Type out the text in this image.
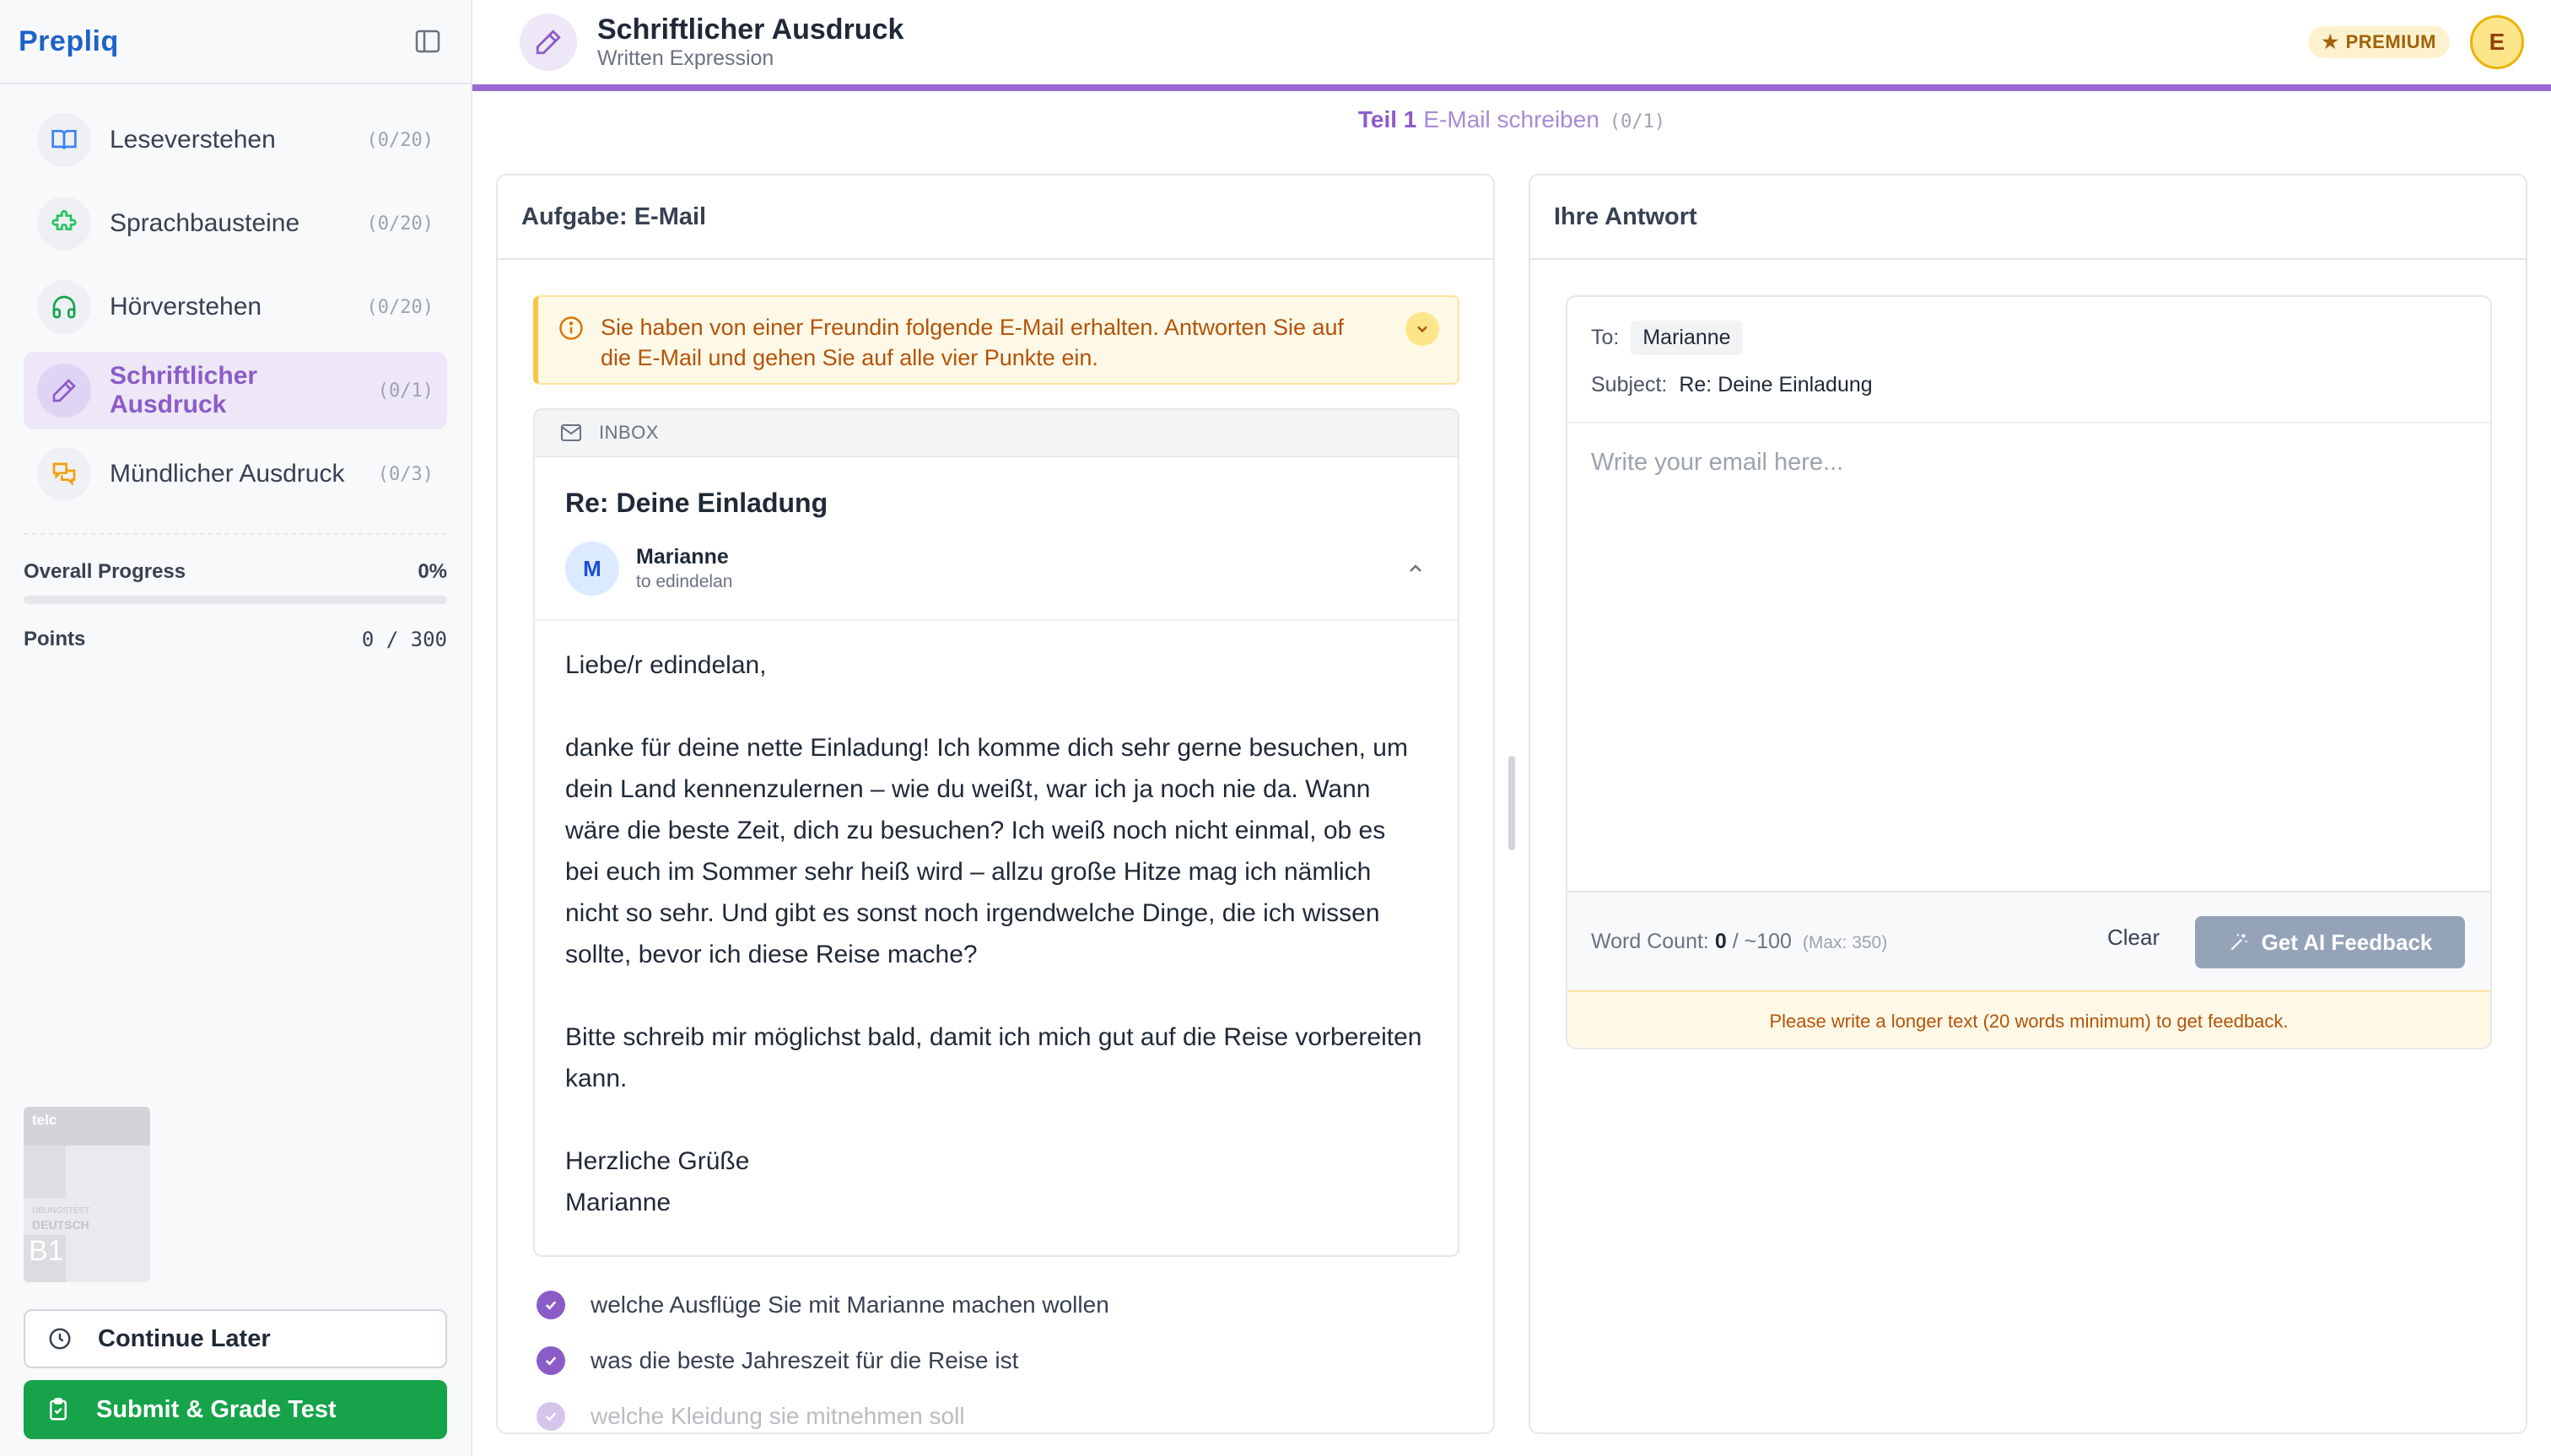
Prepliq
Leseverstehen	(0/20)
Sprachbausteine	(0/20)
Hörverstehen	(0/20)
Schriftlicher Ausdruck	(0/1)
Mündlicher Ausdruck	(0/3)
Overall Progress	0%
Points	0 / 300
telc
ÜBUNGSTEST
DEUTSCH
B1
Continue Later
Submit & Grade Test
Schriftlicher Ausdruck
Written Expression
★ PREMIUM	E
Teil 1 E-Mail schreiben (0/1)
Aufgabe: E-Mail
Sie haben von einer Freundin folgende E-Mail erhalten. Antworten Sie auf die E-Mail und gehen Sie auf alle vier Punkte ein.
INBOX
Re: Deine Einladung
M	Marianne
to edindelan

Liebe/r edindelan,

danke für deine nette Einladung! Ich komme dich sehr gerne besuchen, um dein Land kennenzulernen – wie du weißt, war ich ja noch nie da. Wann wäre die beste Zeit, dich zu besuchen? Ich weiß noch nicht einmal, ob es bei euch im Sommer sehr heiß wird – allzu große Hitze mag ich nämlich nicht so sehr. Und gibt es sonst noch irgendwelche Dinge, die ich wissen sollte, bevor ich diese Reise mache?

Bitte schreib mir möglichst bald, damit ich mich gut auf die Reise vorbereiten kann.

Herzliche Grüße

Marianne

welche Ausflüge Sie mit Marianne machen wollen
was die beste Jahreszeit für die Reise ist
welche Kleidung sie mitnehmen soll
Ihre Antwort
To:	Marianne
Subject: Re: Deine Einladung
Write your email here...
Word Count: 0 / ~100 (Max: 350)	Clear	Get AI Feedback
Please write a longer text (20 words minimum) to get feedback.
